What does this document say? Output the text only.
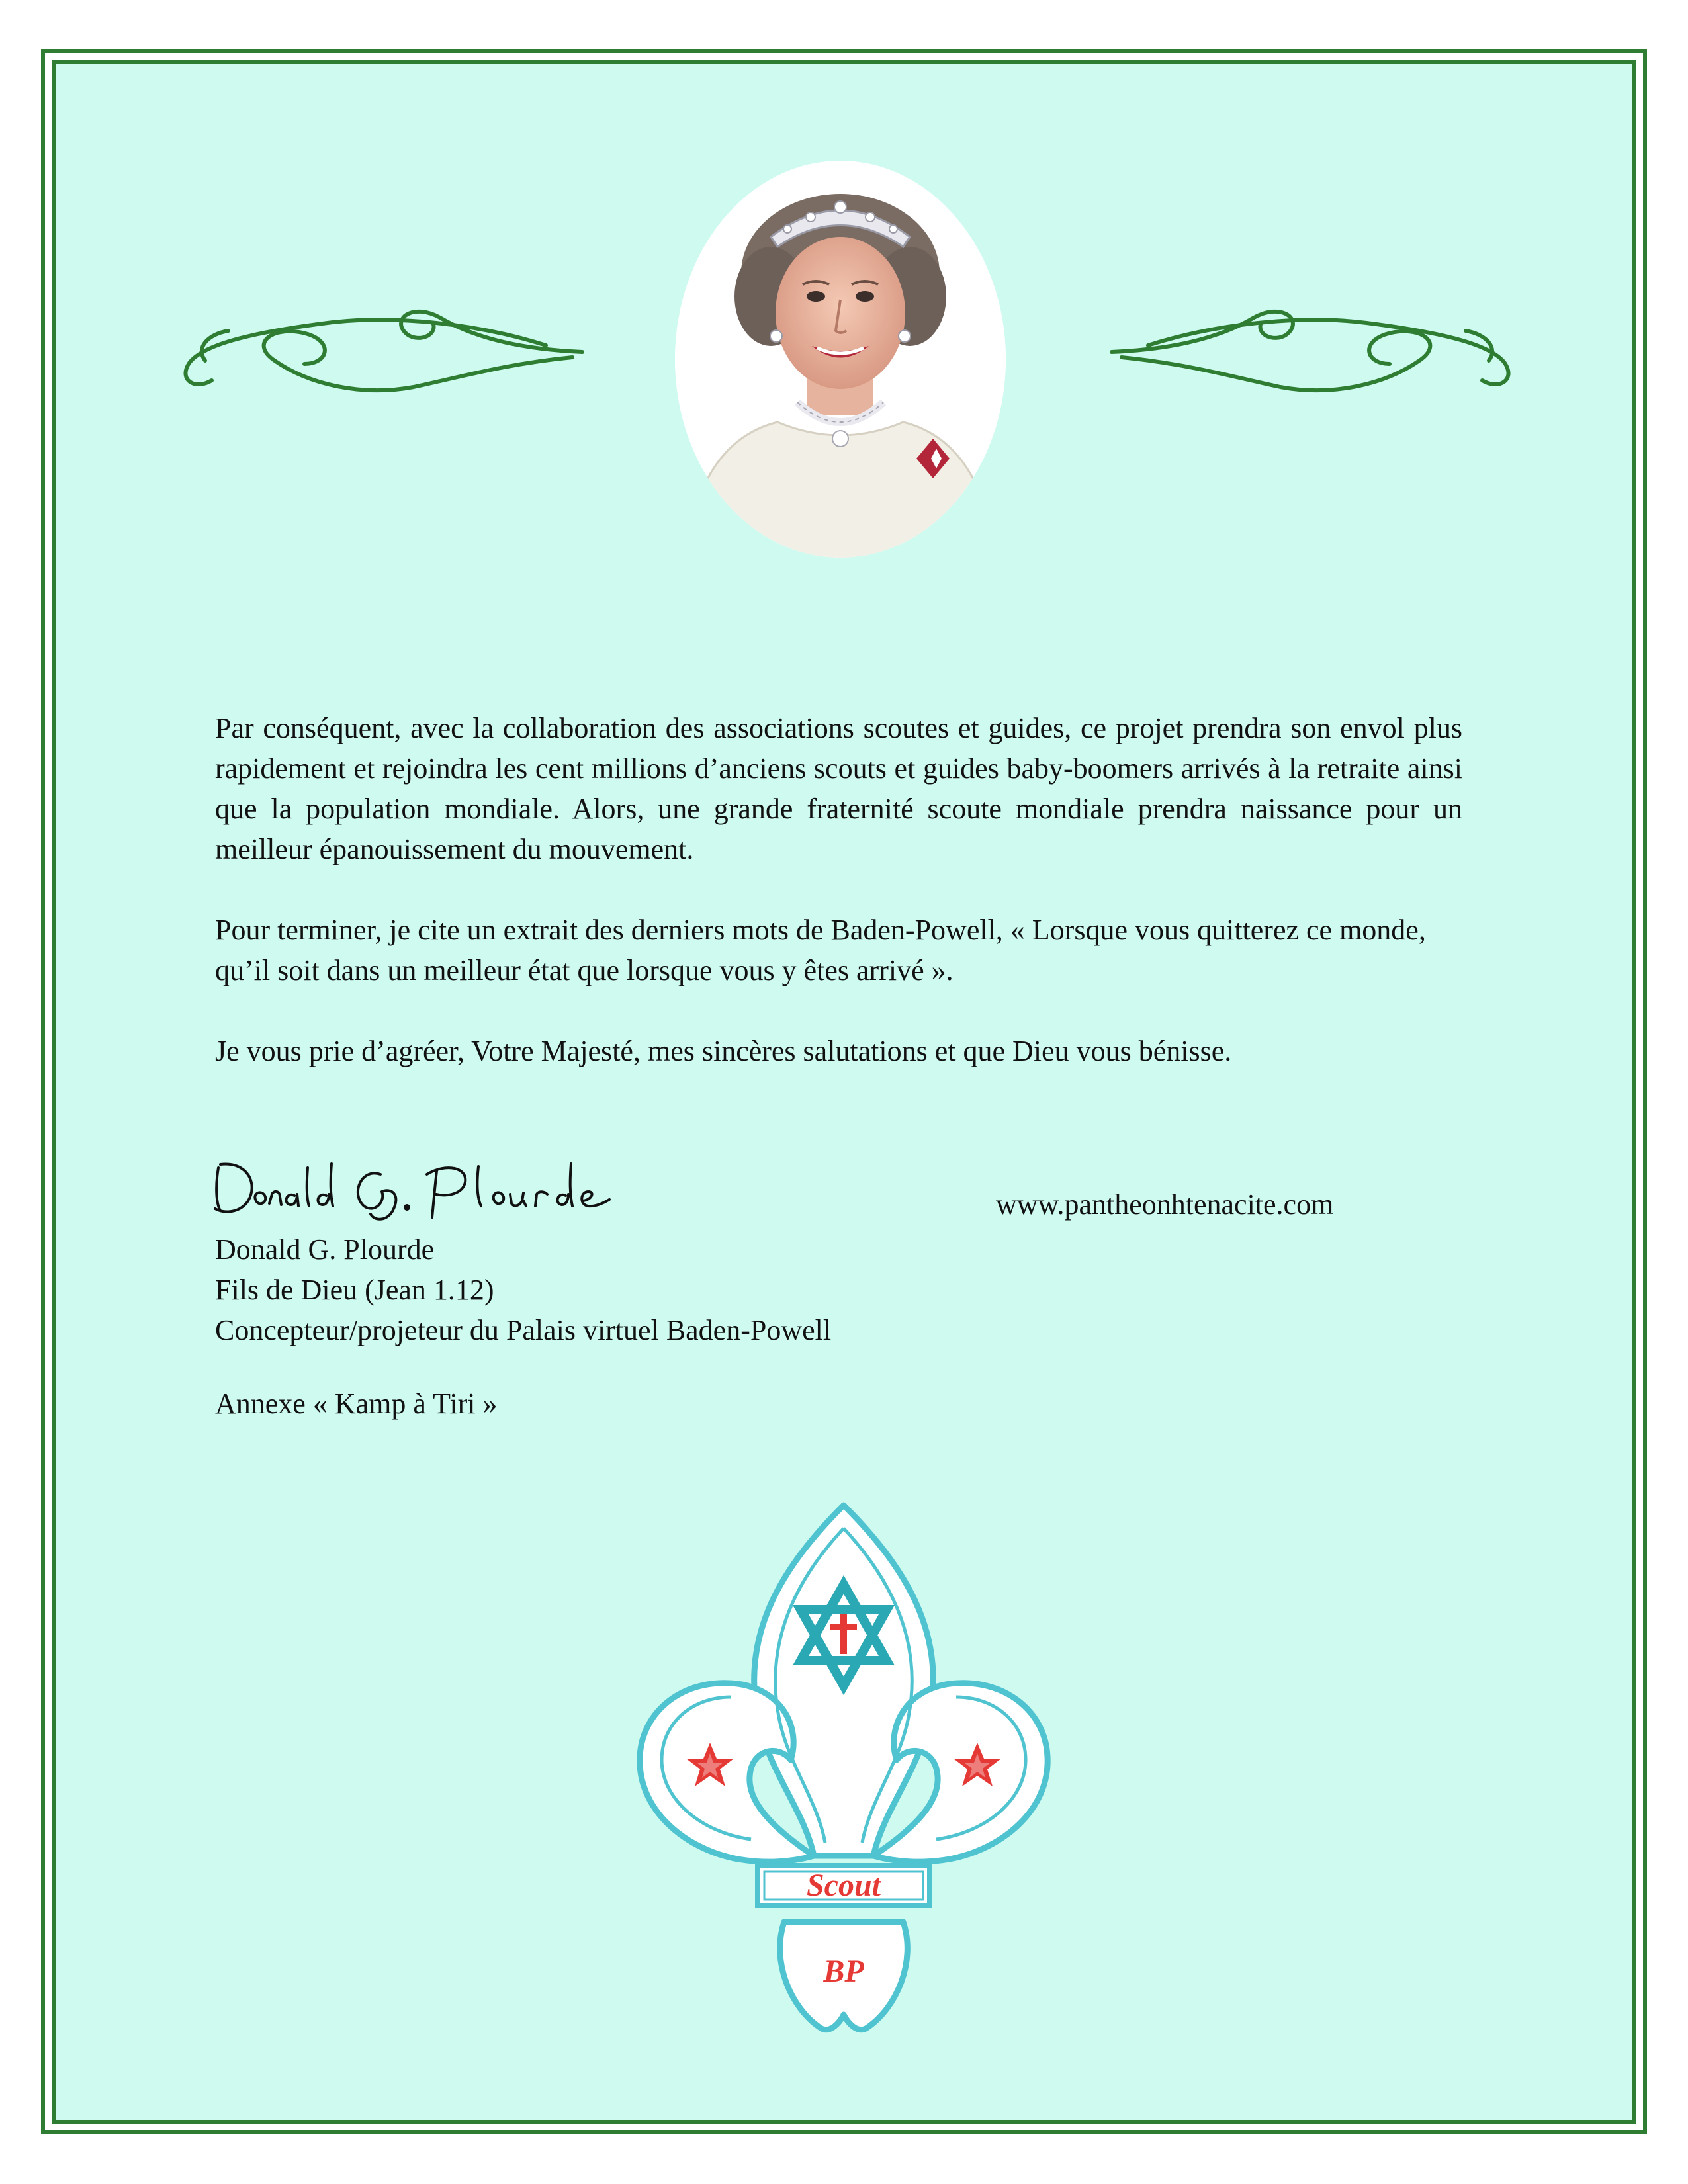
Par conséquent, avec la collaboration des associations scoutes et guides, ce projet prendra son envol plus rapidement et rejoindra les cent millions d’anciens scouts et guides baby-boomers arrivés à la retraite ainsi que la population mondiale. Alors, une grande fraternité scoute mondiale prendra naissance pour un meilleur épanouissement du mouvement.

Pour terminer, je cite un extrait des derniers mots de Baden-Powell, « Lorsque vous quitterez ce monde, qu’il soit dans un meilleur état que lorsque vous y êtes arrivé ».

Je vous prie d’agréer, Votre Majesté, mes sincères salutations et que Dieu vous bénisse.

www.pantheonhtenacite.com
Donald G. Plourde
Fils de Dieu (Jean 1.12)
Concepteur/projeteur du Palais virtuel Baden-Powell
Annexe « Kamp à Tiri »
Scout
BP
